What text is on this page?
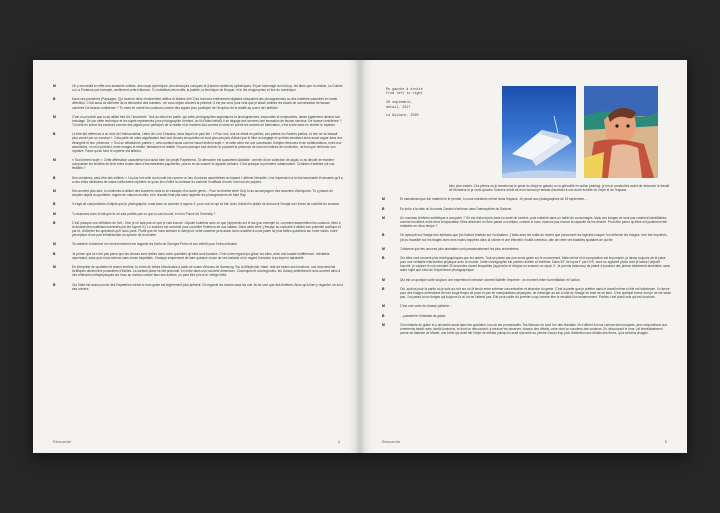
M	On y reconnaît en effet une anatomie cubiste, des corps sphériques, des découpes coniques et d'autres variations cylindriques. Et par hommage au hold-up, les titres que tu choisis, La Guitare ou La Porteuse par exemple, confirment cette influence. Tu substitues les motifs, la palette, la technique de Braque, et tu les réappropries à l'ère du numérique.
B	Dans ces premières [Paysages, I] je avait ce désir d'entremêler artifice et lisibles réel. Des horizons entièrement digitales côtoyaient des photogrammes ou des matières scannées en haute définition. C'est aussi ce dilemme de la démarche des cubistes : de vous objets côtoient la peinture. Il est par ceux pour cela que je laisse visibles les traces de conversation de fausse cambrée De fausse confidence ? Tu mets en scène les couleurs comme des signes pour participer de l'irruption de la réalité au coeur de l'artificiel.
M	C'est un procédé que tu as utilisé très tôt, l'ensemble. Tout au début en partie, qui mêle photographies argentiques et photogrammes, empruntés et empruntées, laisse également deviner son bricolage. De par cette technique et les sujets représentés (une photographie d'enfant, un lit d'hôtel défait), il se dégage des oeuvres une sensation de fausse candeur. De fausse confidence ? Tu mets en scène les couleurs comme des signes pour participer de la réalité et tu montres tout comme tu mets en scène tes secrets de fabrication, c'est à dire sans en révéler le mystère.
B	Le titre fait référence à un écrit de Hofmannsthal, Lettre de Lord Chandos, dans lequel on peut lire : « Pour moi, tout se défait en parties, ces parties en d'autres parties, et rien ne se laissait plus cerner par un concept ». Cela parle de notre atypification face aux choses lorsqu'elles ne sont plus perçues d'abord par le filtre du langage et qu'elles semblent alors aussi vague dans leur étrangeté et leur présence. « Tout se défaisait en parties », cela contient aussi comme visuel devient sujet », et cette série est une succession d'objets retrouvés et de collaborations, entre eux assemblés, un mon préselct, entre images et réalité, fantasmes et réalité. On peut presque tout deviner et pourtant la présence de tous les indices de confection, ne font que renforcer son mystère. Parce qu'au fond le mystère est ailleurs.
M	« Tout devient sujet ». Cette affirmation caractérise tout aussi bien ton projet Papeterera. Ta démarche est quasiment dadaïste : arrivée d'une collection de aquat, tu as décidé de manière compulsive les feuillets de tenir entre toutes dans d'innombrables papeteries, puis tu en as scanné et agrandi certains. C'est presque la première collaboration. Combien d'artistes ont vus feuillets ?
B	Des centaines, peut-être des milliers. « La plus fort celle du monde est comme un lieu d'ordures assemblées au hasard » affirme Héraclite. Une impression à la fois fascinante et amusée qu'il a a des vides aléatoires de mains hallucinées répétées et qu'au lieu d'offrir la richesse du matériel il suffisait d'ouvrir l'oeil sur les papiers.
M	Des années plus tard, tu continues à utiliser des scanners mais tu en essayes d'un autre genre... Pour la récente série Ocly tu as accompagner des scanners d'aéroports. Tu y places de simples objets du quotidien, digues de natures mortes, et le résultat tirait pas sans rappeler les photogrammes de Man Ray.
B	Il s'agit de compositions d'objets que je photographie, mais avec un scanner à rayons X, pour voir ce qui se fait. Avec d'abord le plaisir de découvrir l'image sur l'écran de contrôle du scanner.
M	Tu assumes donc le fait que tu ne sais parfois pas ce que tu vas trouver, en bon Prince de Serendip ?
B	C'est presque une définition de l'art... Non je ne sais pas ce que je vais trouver. J'ajoute toutefois avec ce que j'apprends sur le tas (par exemple ici, comment assemblées les couleurs, liées à la densité des matériaux traversés par les rayons X). Le scanner est construit pour surveiller l'intérieur de nos valises. Dans cette série, j'essaye au contraire d'utiliser son potentiel poétique et, par là, d'orienter les questions qu'il nous pose. Plutôt que de nous stresser à l'aéroport, cette machine peut aussi nous conduire à nous poser de plus belles questions sur notre vision, notre perception d'une part infinitésimale du spectre de la lumière.
M	Ta manière d'observer ton environnement me rappelle les écrits de Georges Perec et son intérêt pour l'infra-ordinaire.
B	Je pense que ce n'est pas parce que les choses sont réelles dans notre quotidien qu'elles sont banales. C'est notre regard qui glisse sur elles, avec une banale indifférence. Inévitable cependant, sans quoi nous serions sans cesse stupéfaits. J'essaye simplement de faire quelque chose de ces instants où le regard s'arrache à sa torpeur habituelle.
M	En interprète de quotidien et réseur émérite, tu crées de belles nébuleuses à partir de scans d'écrans de Samsung. Sur la téléphonie, étant, vide de toutes ses fonctions, nos mouvements fortifiques deviennent poussières d'étoiles. La surface plane se fait profonde, en entre dans une nouvelle dimension. Cosmiques et cosmogonies, tes Galaxy céleblement nous ouvrent ainsi à des réflexions métaphysiques sur l'eau au niveau comme faux ses actions, on peut être pris d'un vertige infini.
B	Oui l'idée est aussi proche des Papeteries même si mon geste est légèrement plus présent. On regarde les écrans sans les voir, ils ne sont que des fenêtres. Alors qu'à bien y regarder, ce sont des univers.
Rencontre	4
De gauche à droite
from left to right

20 septembre,
detail, 2017

La Guitare, 2020
bien plus vastes. Ces pièces où je transforme le geste du doigt en galaxie ou la gribouille en action painting, je les ai construites avant de découvrir le travail de Monsieur et je crois qu'avec l'univers réduit de mon bureau je tentais d'accéder à une autre échelle du corps et de l'espace.
M	Et maintenant que ton matériel te le permet, tu nous entraînes même dans l'espace. Je pense aux photographies de 15 septembre...
B	En écho à la date où la sonde Cassini s'enfonce dans l'atmosphère de Saturne.
M	Un nouveau territoire esthétique à conquérir ? On est d'abord pris dans un sorte de lumière, puis entraîné dans un ballet de coussinages. Mais ces images ne sont pas vraiment identifiables, comme troublées entre deux temporalités. Elles décrivent un futur passé ou lointain, comme si nous n'avions pas encore la capacité de les décrire. Peut-être parce qu'elles ont justement été réalisées en deux temps ?
B	On aperçoit sur l'image des artefacts que j'ai d'abord réalisés sur l'ordinateur : j'étais avec les outils de repère que parcourent les logiciels lorsque l'on déforme les images. Une fois imprimés, j'ai pu travailler sur les tirages avec mes mains frappées dans la chimie et une étincelle d'outils lumineux, afin de créer ces batailles spatiales de poche.
M	J'observe que tes oeuvres plus abstraites sont paradoxalement les plus orchestrées.
B	Oui elles sont souvent plus chorégraphiques que les autres. Tout se passe par une seule geste sur le mouvement. Mais même si la composition est importante, je laisse toujours de la place pour une véritable intervention physique avec le monde. Cette chorégraphie est parfois révélée à l'extrême. Dans 30" de topos F par DVS, avec un appareil photo dont je laisse l'objectif bouché, je capture le noir pendant 30 secondes durant lesquelles j'approche et éloigne un scanner un rayon X. Je prends beaucoup de plaisir à produire des pièces totalement abstraites, sans autre sujet que celui de l'expérience photographique.
M	Qui est un quelque sorte toujours une expérience intensive comme Battelle l'exprime : un moment entre la méditation et l'action.
B	Oui, surtout pour la partie où je suis au noir sur un lit tendu entre extrême concentration et abandon du geste. C'est la partie que je préfère dans le travail même si elle est laborieuse. Il n'arrive pour des images entrevaient de très longs temps de pose et pas de manipulations physiques, de mélanger au sol à côté de l'image en train de se faire. C'est quelque chose dont je ne me lasse pas. J'ai passé à nos tirages qui toujours là où on ne l'attend pas. Elle peut naître du premier coup comme être le résultat d'un acharnement. Parfois c'est aussi cela qui est touchant.
M	C'est une sorte de chasse patiente...
B	... parsemée d'instants de grâce.
M	Ces instants de grâce tu y accordes aussi dans tes quotidien, lors de tes promenades. Tes Balcons en sont l'un des résultats. Ils s'offrent à nous comme des bouquets, des compositions aux ornements tantôt noirs, tantôt lumineux, et dont on découvrant, à mesure les observer, chacun des détails, voire dont on souviens des couleurs. En découvrant le rime, j'ai immédiatement pensé au dialecte de Manet, une boîte qui avait fait l'objet de débats puisqu'on avait reproché au peintre d'avoir trop plus d'attention aux détails des fleurs, qu'à certains visages.
Rencontre	5
